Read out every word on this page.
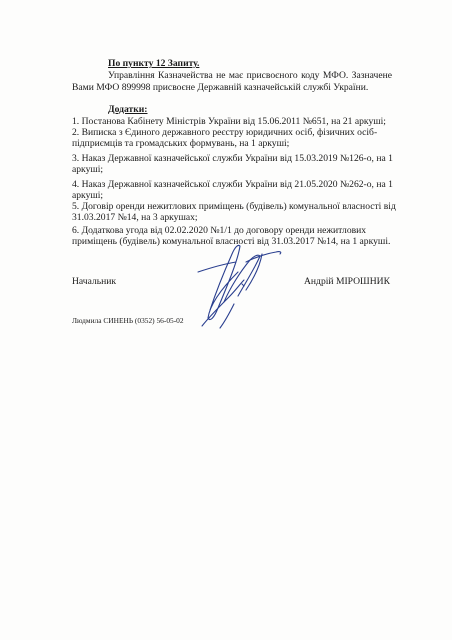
По пункту 12 Запиту.
Управління Казначейства не має присвоєного коду МФО. Зазначене
Вами МФО 899998 присвоєне Державній казначейській службі України.
Додатки:
1. Постанова Кабінету Міністрів України від 15.06.2011 №651, на 21 аркуші;
2. Виписка з Єдиного державного реєстру юридичних осіб, фізичних осіб-
підприємців та громадських формувань, на 1 аркуші;
3. Наказ Державної казначейської служби України від 15.03.2019 №126-о, на 1
аркуші;
4. Наказ Державної казначейської служби України від 21.05.2020 №262-о, на 1
аркуші;
5. Договір оренди нежитлових приміщень (будівель) комунальної власності від
31.03.2017 №14, на 3 аркушах;
6. Додаткова угода від 02.02.2020 №1/1 до договору оренди нежитлових
приміщень (будівель) комунальної власності від 31.03.2017 №14, на 1 аркуші.
Начальник	Андрій МІРОШНИК
Людмила СИНЕНЬ (0352) 56-05-02
